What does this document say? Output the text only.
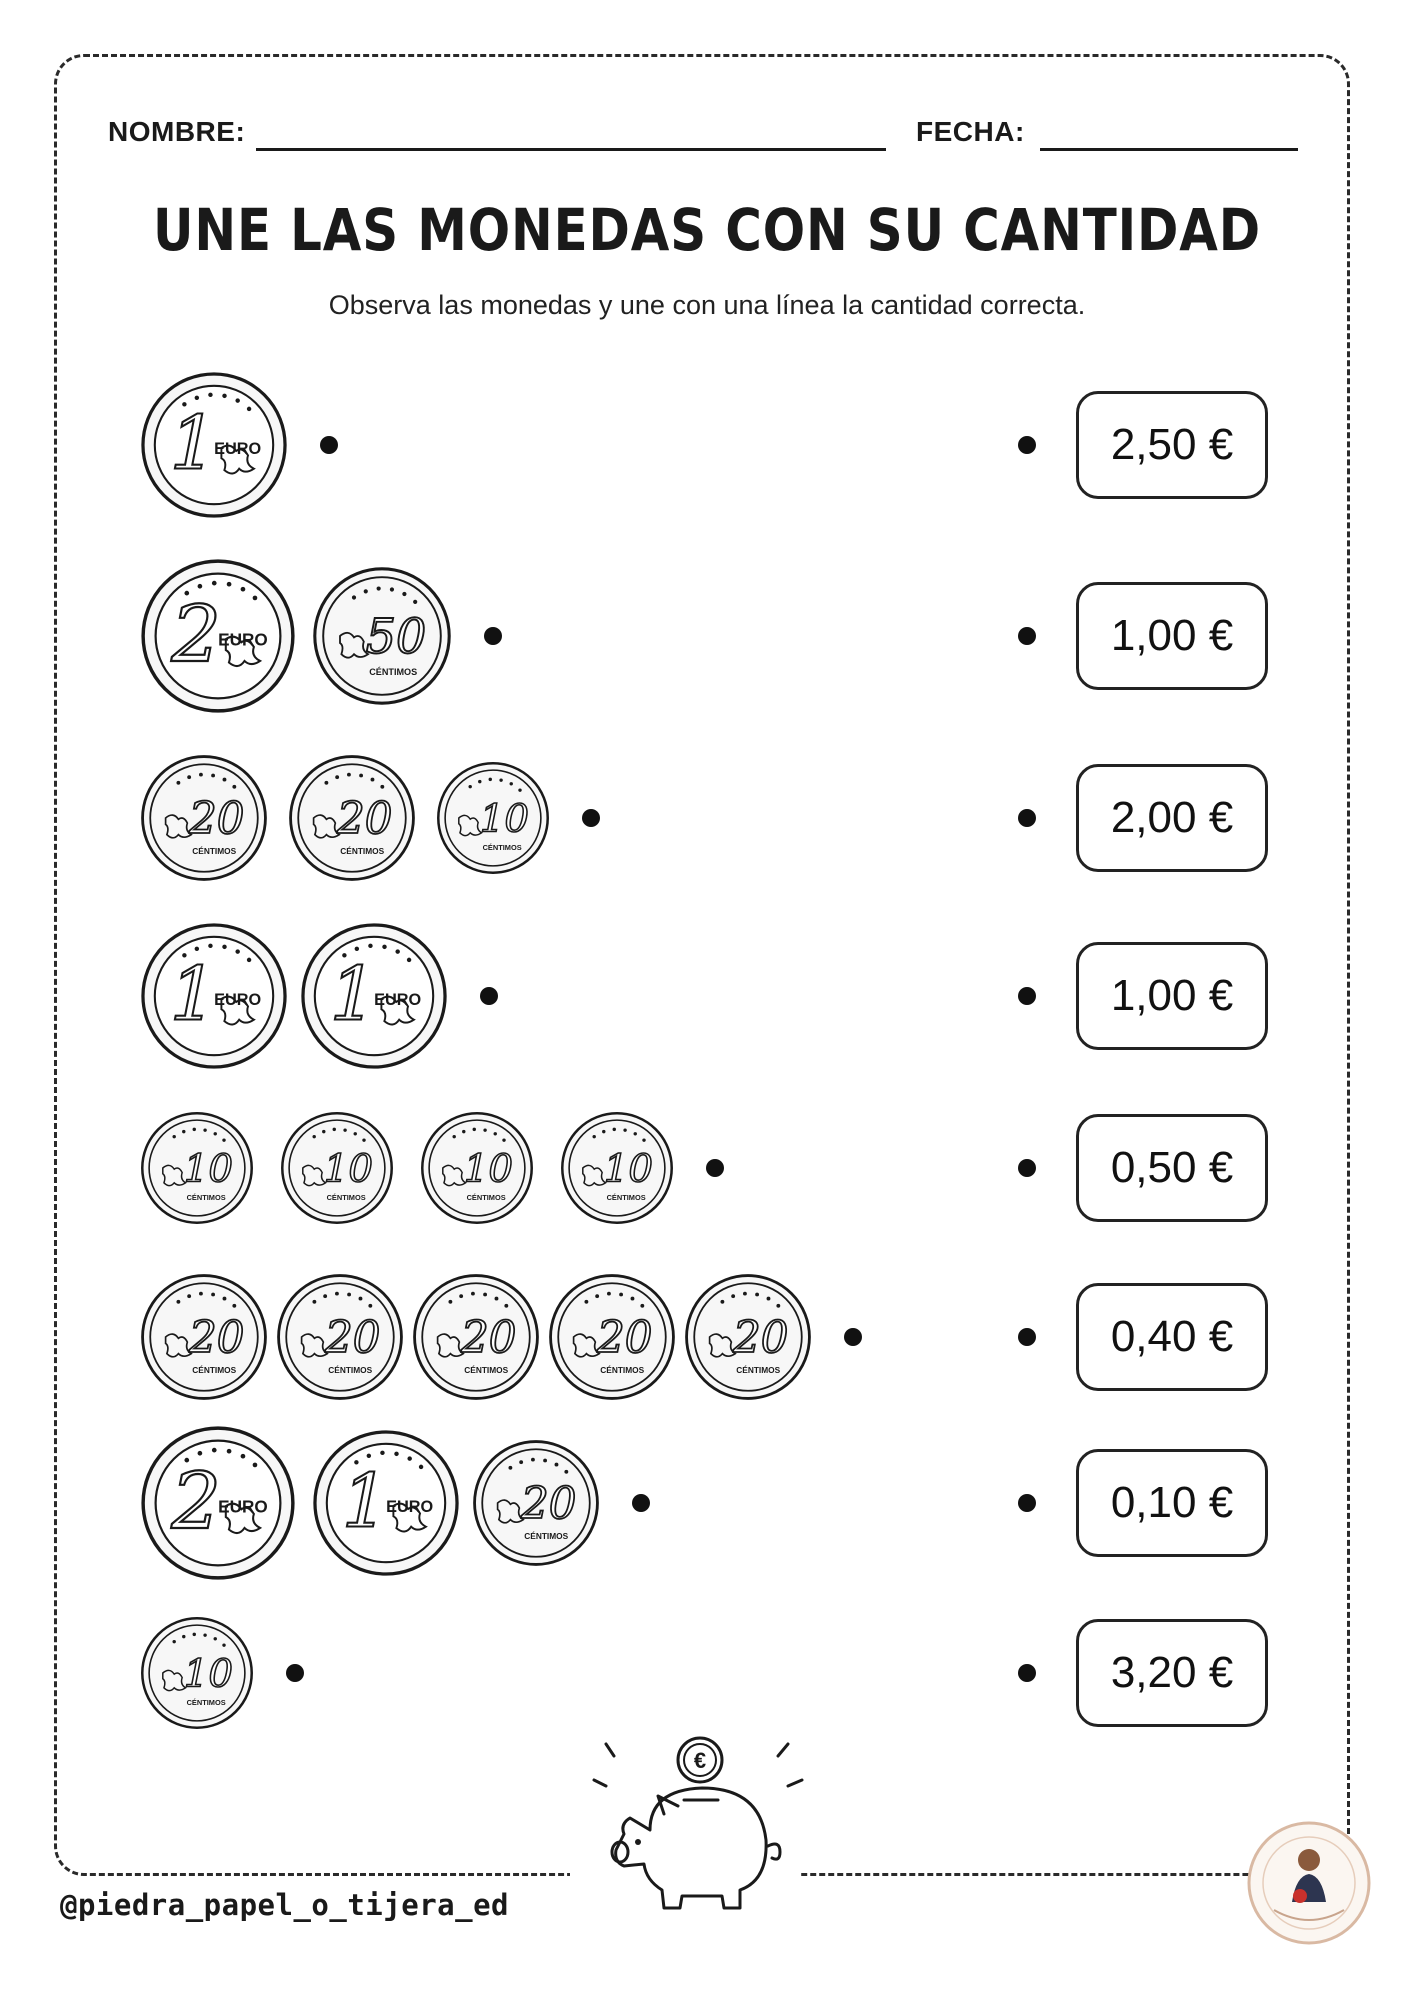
NOMBRE:	FECHA:
UNE LAS MONEDAS CON SU CANTIDAD
Observa las monedas y une con una línea la cantidad correcta.
1
EURO	2,50 €
2
EURO	50
CÉNTIMOS
1,00 €
20
CÉNTIMOS
20
CÉNTIMOS
10
CÉNTIMOS
2,00 €
1
EURO 1
EURO	1,00 €
10
CÉNTIMOS
10
CÉNTIMOS
10
CÉNTIMOS
10
CÉNTIMOS
0,50 €
20
CÉNTIMOS
20
CÉNTIMOS
20
CÉNTIMOS
20
CÉNTIMOS
20
CÉNTIMOS
0,40 €
2
EURO 1
EURO	20
CÉNTIMOS
0,10 €
10
CÉNTIMOS
3,20 €
@piedra_papel_o_tijera_ed
€
